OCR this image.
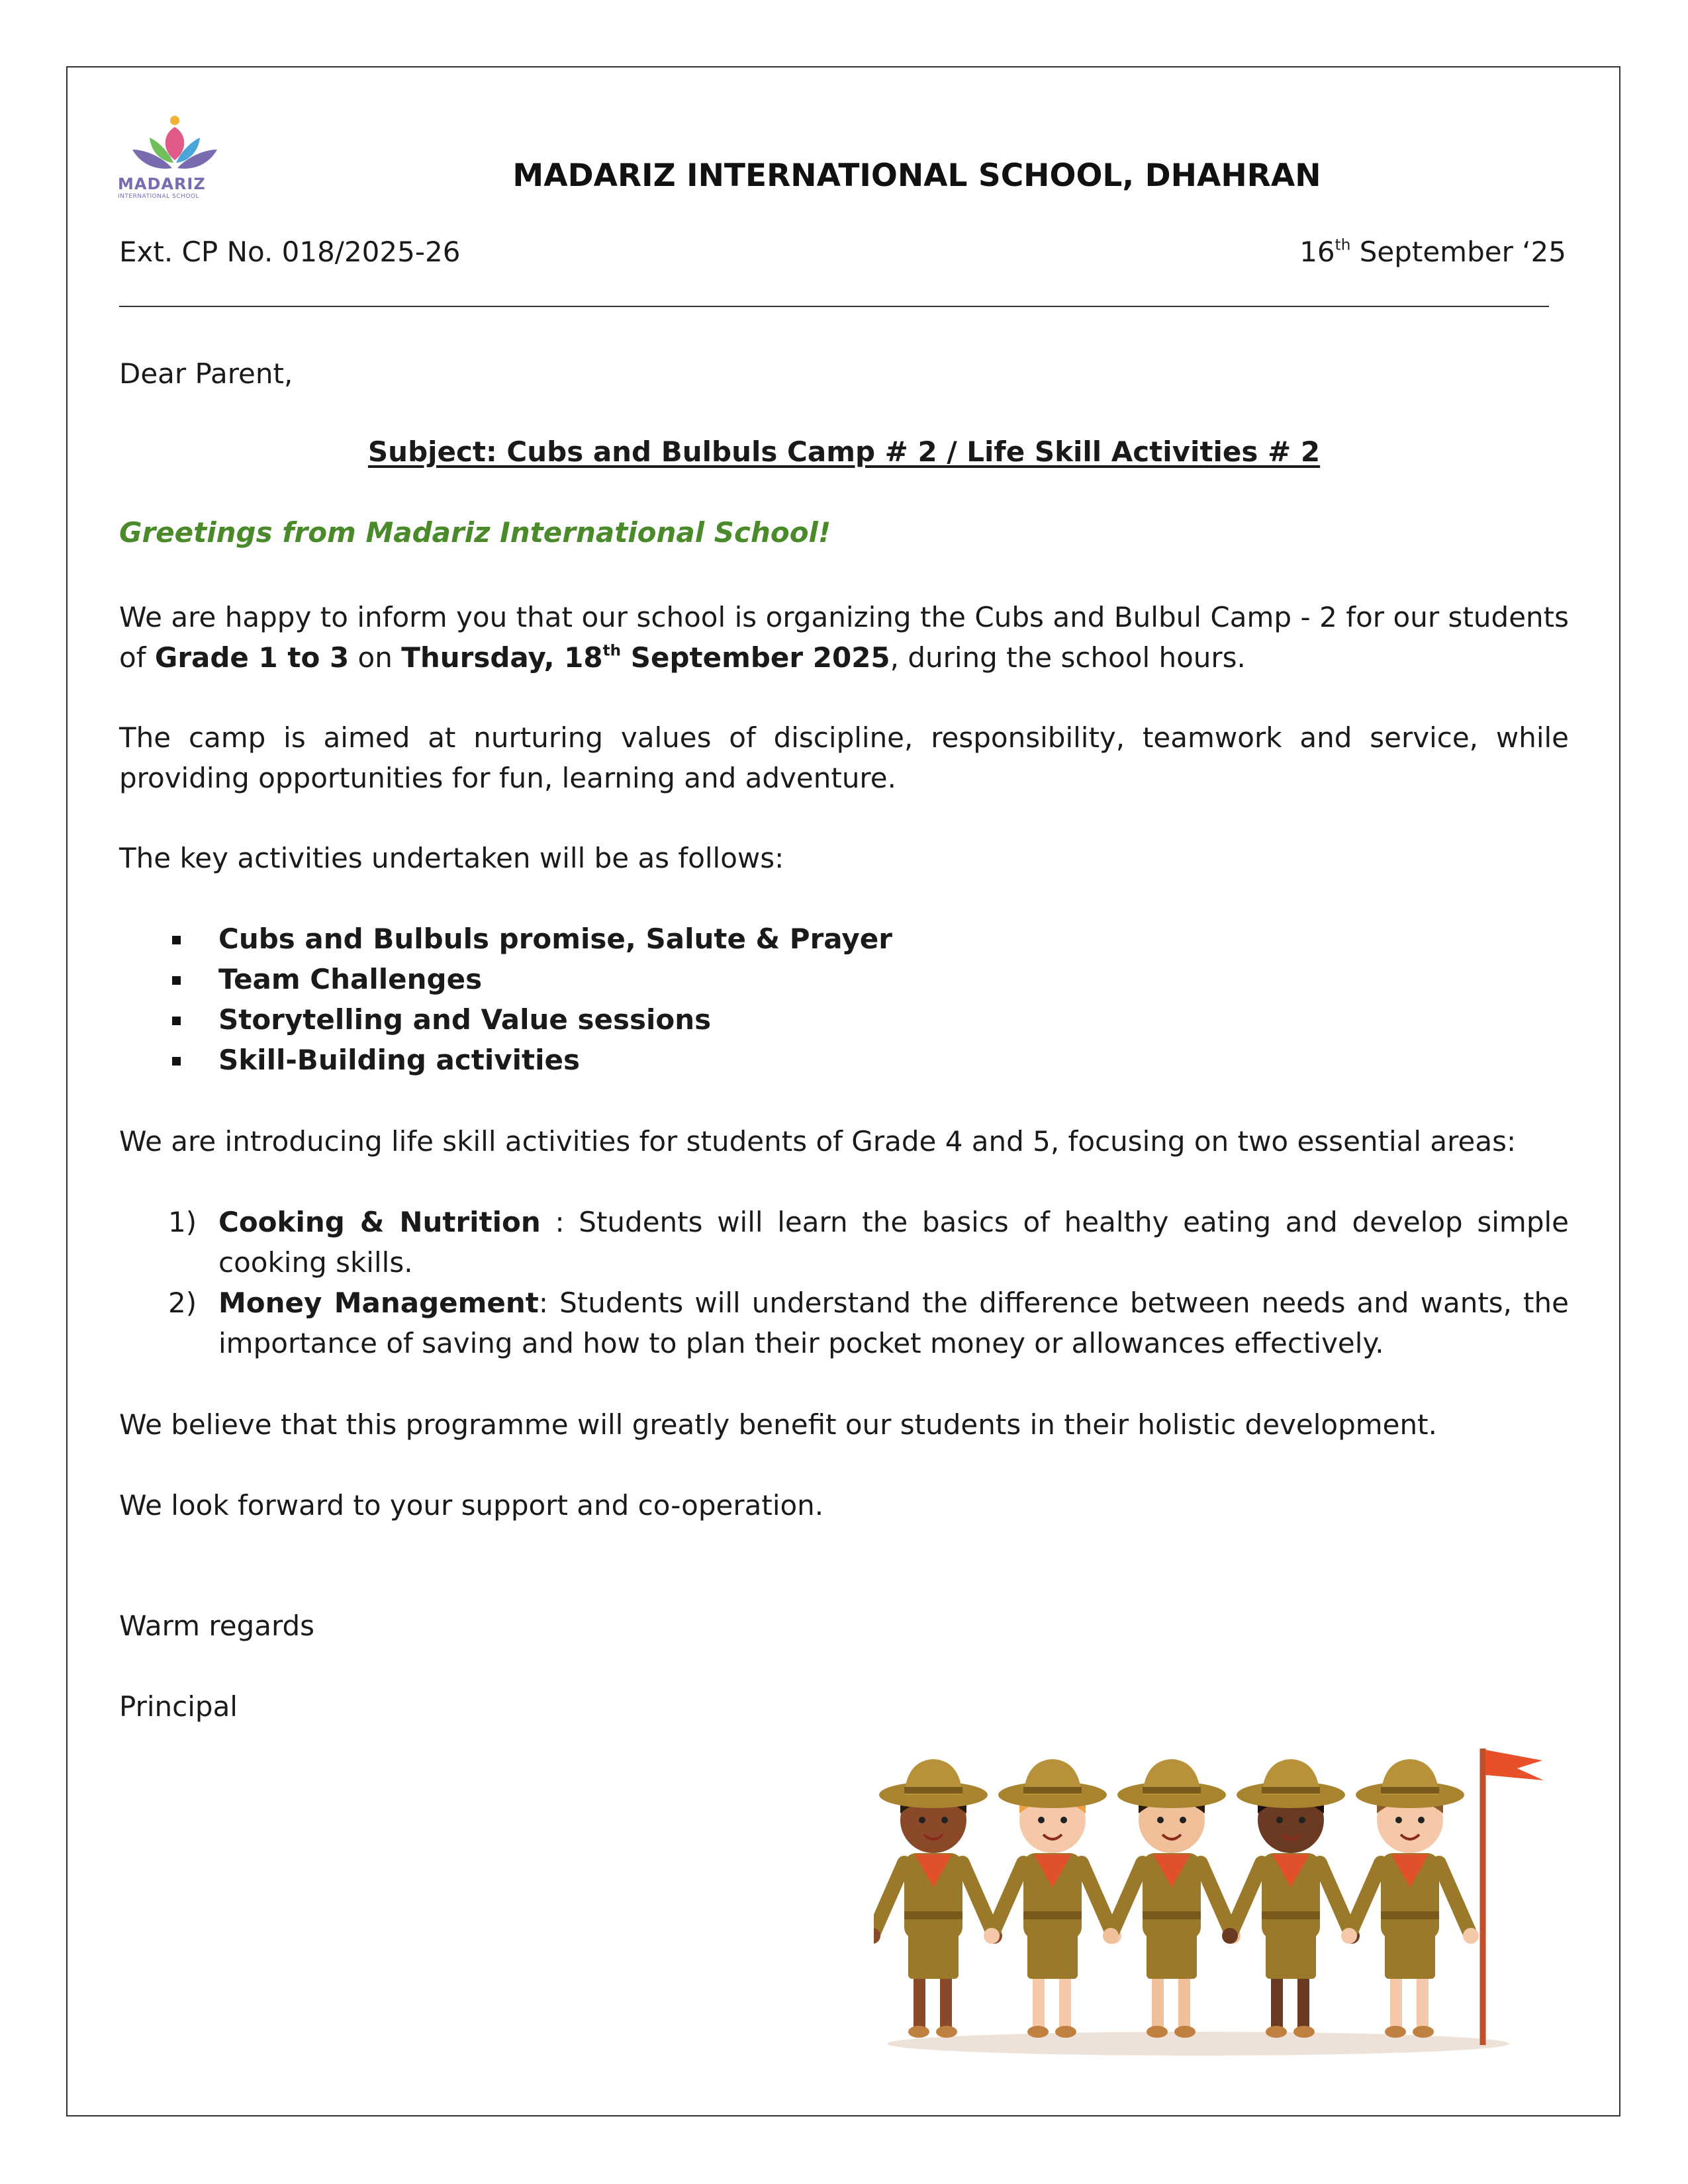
MADARIZ
INTERNATIONAL SCHOOL
MADARIZ INTERNATIONAL SCHOOL, DHAHRAN
Ext. CP No. 018/2025-26	16th September ‘25
Dear Parent,
Subject: Cubs and Bulbuls Camp # 2 / Life Skill Activities # 2
Greetings from Madariz International School!
We are happy to inform you that our school is organizing the Cubs and Bulbul Camp - 2 for our students of Grade 1 to 3 on Thursday, 18th September 2025, during the school hours.
The camp is aimed at nurturing values of discipline, responsibility, teamwork and service, while providing opportunities for fun, learning and adventure.
The key activities undertaken will be as follows:
Cubs and Bulbuls promise, Salute & Prayer
Team Challenges
Storytelling and Value sessions
Skill-Building activities
We are introducing life skill activities for students of Grade 4 and 5, focusing on two essential areas:
1) Cooking & Nutrition : Students will learn the basics of healthy eating and develop simple cooking skills.
2) Money Management: Students will understand the difference between needs and wants, the importance of saving and how to plan their pocket money or allowances effectively.
We believe that this programme will greatly benefit our students in their holistic development.
We look forward to your support and co-operation.
Warm regards
Principal
